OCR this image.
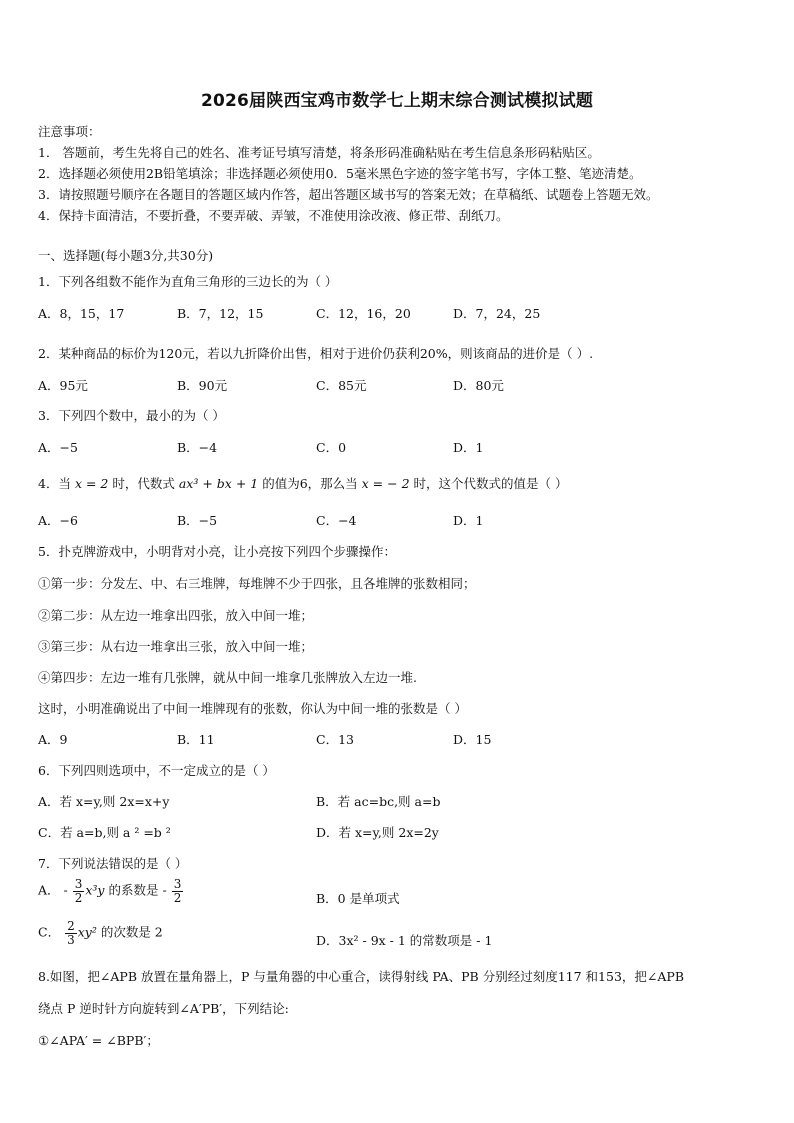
2026届陕西宝鸡市数学七上期末综合测试模拟试题
注意事项：
1． 答题前，考生先将自己的姓名、准考证号填写清楚，将条形码准确粘贴在考生信息条形码粘贴区。
2．选择题必须使用2B铅笔填涂；非选择题必须使用0．5毫米黑色字迹的签字笔书写，字体工整、笔迹清楚。
3．请按照题号顺序在各题目的答题区域内作答，超出答题区域书写的答案无效；在草稿纸、试题卷上答题无效。
4．保持卡面清洁，不要折叠，不要弄破、弄皱，不准使用涂改液、修正带、刮纸刀。
一、选择题(每小题3分,共30分)
1．下列各组数不能作为直角三角形的三边长的为（ ）
A．8，15，17	B．7，12，15	C．12，16，20	D．7，24，25
2．某种商品的标价为120元，若以九折降价出售，相对于进价仍获利20%，则该商品的进价是（ ）.
A．95元	B．90元	C．85元	D．80元
3．下列四个数中，最小的为（ ）
A．−5	B．−4	C．0	D．1
4．当 x = 2 时，代数式 ax³ + bx + 1 的值为6，那么当 x = − 2 时，这个代数式的值是（ ）
A．−6	B．−5	C．−4	D．1
5．扑克牌游戏中，小明背对小亮，让小亮按下列四个步骤操作：
①第一步：分发左、中、右三堆牌，每堆牌不少于四张，且各堆牌的张数相同；
②第二步：从左边一堆拿出四张，放入中间一堆；
③第三步：从右边一堆拿出三张，放入中间一堆；
④第四步：左边一堆有几张牌，就从中间一堆拿几张牌放入左边一堆.
这时，小明准确说出了中间一堆牌现有的张数，你认为中间一堆的张数是（ ）
A．9	B．11	C．13	D．15
6．下列四则选项中，不一定成立的是（ ）
A．若 x=y,则 2x=x+y	B．若 ac=bc,则 a=b
C．若 a=b,则 a ² =b ²	D．若 x=y,则 2x=2y
7．下列说法错误的是（ ）
A． - $\frac{3}{2} x^3y$ 的系数是 - $\frac{3}{2}$	B．0 是单项式
C． $\frac{2}{3} xy^2$ 的次数是 2
D．3x² - 9x - 1 的常数项是 - 1
8.如图，把∠APB 放置在量角器上，P 与量角器的中心重合，读得射线 PA、PB 分别经过刻度117 和153，把∠APB
绕点 P 逆时针方向旋转到∠A′PB′，下列结论:
①∠APA′ = ∠BPB′；
